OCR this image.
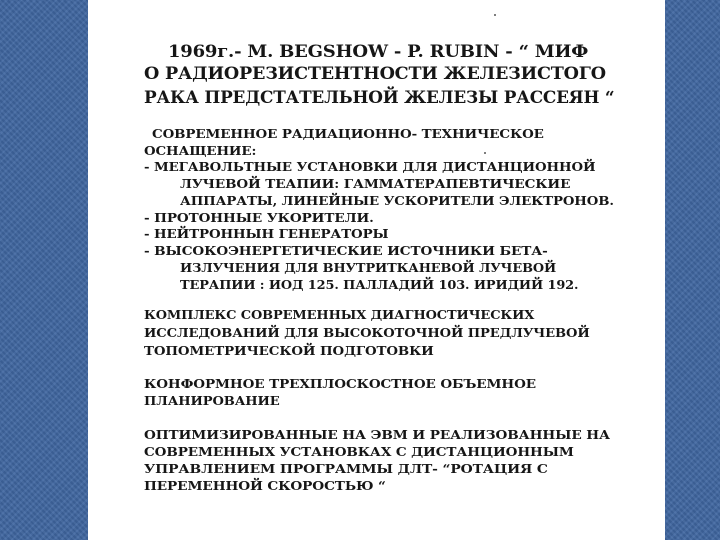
1969г.- M. BEGSHOW - P. RUBIN - “ МИФ
О РАДИОРЕЗИСТЕНТНОСТИ ЖЕЛЕЗИСТОГО
РАКА ПРЕДСТАТЕЛЬНОЙ ЖЕЛЕЗЫ РАССЕЯН “
СОВРЕМЕННОЕ РАДИАЦИОННО- ТЕХНИЧЕСКОЕ
ОСНАЩЕНИЕ:
- МЕГАВОЛЬТНЫЕ УСТАНОВКИ ДЛЯ ДИСТАНЦИОННОЙ
ЛУЧЕВОЙ ТЕАПИИ: ГАММАТЕРАПЕВТИЧЕСКИЕ
АППАРАТЫ, ЛИНЕЙНЫЕ УСКОРИТЕЛИ ЭЛЕКТРОНОВ.
- ПРОТОННЫЕ УКОРИТЕЛИ.
- НЕЙТРОННЫН ГЕНЕРАТОРЫ
- ВЫСОКОЭНЕРГЕТИЧЕСКИЕ ИСТОЧНИКИ БЕТА-
ИЗЛУЧЕНИЯ ДЛЯ ВНУТРИТКАНЕВОЙ ЛУЧЕВОЙ
ТЕРАПИИ : ИОД 125. ПАЛЛАДИЙ 103. ИРИДИЙ 192.
КОМПЛЕКС СОВРЕМЕННЫХ ДИАГНОСТИЧЕСКИХ
ИССЛЕДОВАНИЙ ДЛЯ ВЫСОКОТОЧНОЙ ПРЕДЛУЧЕВОЙ
ТОПОМЕТРИЧЕСКОЙ ПОДГОТОВКИ
КОНФОРМНОЕ ТРЕХПЛОСКОСТНОЕ ОБЪЕМНОЕ
ПЛАНИРОВАНИЕ
ОПТИМИЗИРОВАННЫЕ НА ЭВМ И РЕАЛИЗОВАННЫЕ НА
СОВРЕМЕННЫХ УСТАНОВКАХ С ДИСТАНЦИОННЫМ
УПРАВЛЕНИЕМ ПРОГРАММЫ ДЛТ- “РОТАЦИЯ С
ПЕРЕМЕННОЙ СКОРОСТЬЮ “
